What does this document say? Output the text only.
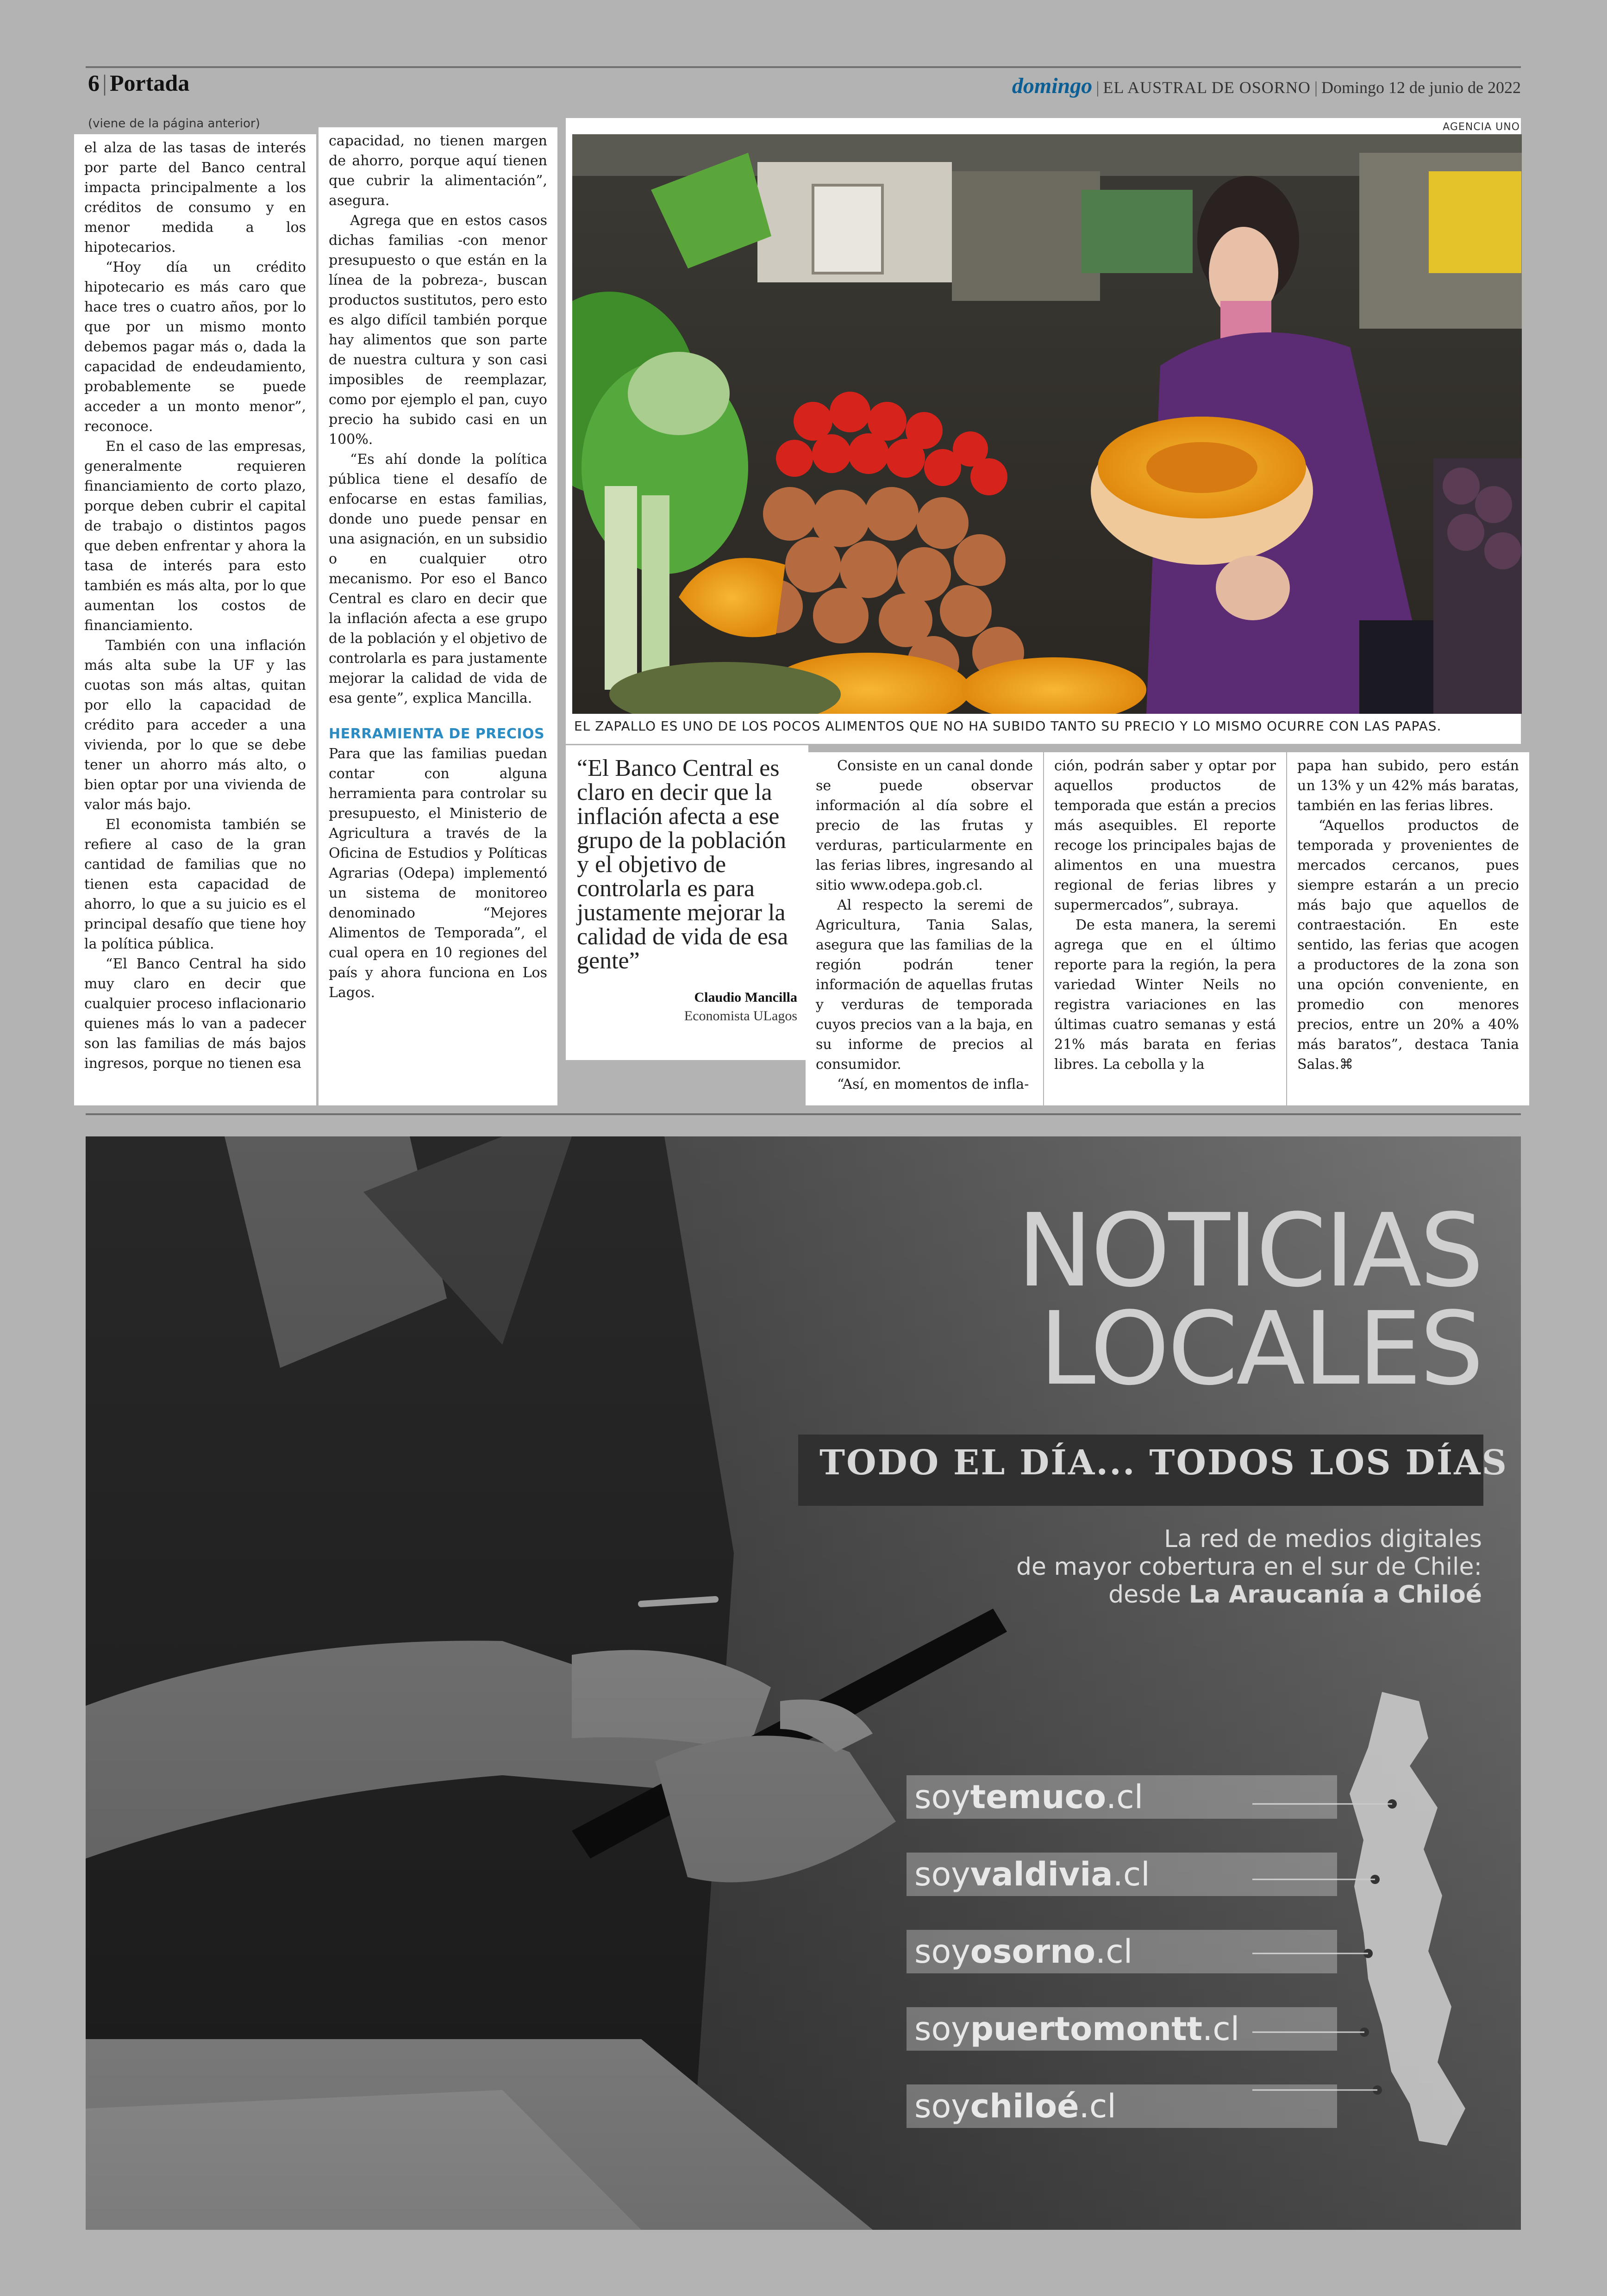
6 | Portada	domingo | EL AUSTRAL DE OSORNO | Domingo 12 de junio de 2022
(viene de la página anterior)

el alza de las tasas de interés por parte del Banco central impacta principalmente a los créditos de consumo y en menor medida a los hipotecarios.

“Hoy día un crédito hipotecario es más caro que hace tres o cuatro años, por lo que por un mismo monto debemos pagar más o, dada la capacidad de endeudamiento, probablemente se puede acceder a un monto menor”, reconoce.

En el caso de las empresas, generalmente requieren financiamiento de corto plazo, porque deben cubrir el capital de trabajo o distintos pagos que deben enfrentar y ahora la tasa de interés para esto también es más alta, por lo que aumentan los costos de financiamiento.

También con una inflación más alta sube la UF y las cuotas son más altas, quitan por ello la capacidad de crédito para acceder a una vivienda, por lo que se debe tener un ahorro más alto, o bien optar por una vivienda de valor más bajo.

El economista también se refiere al caso de la gran cantidad de familias que no tienen esta capacidad de ahorro, lo que a su juicio es el principal desafío que tiene hoy la política pública.

“El Banco Central ha sido muy claro en decir que cualquier proceso inflacionario quienes más lo van a padecer son las familias de más bajos ingresos, porque no tienen esa

capacidad, no tienen margen de ahorro, porque aquí tienen que cubrir la alimentación”, asegura.

Agrega que en estos casos dichas familias -con menor presupuesto o que están en la línea de la pobreza-, buscan productos sustitutos, pero esto es algo difícil también porque hay alimentos que son parte de nuestra cultura y son casi imposibles de reemplazar, como por ejemplo el pan, cuyo precio ha subido casi en un 100%.

“Es ahí donde la política pública tiene el desafío de enfocarse en estas familias, donde uno puede pensar en una asignación, en un subsidio o en cualquier otro mecanismo. Por eso el Banco Central es claro en decir que la inflación afecta a ese grupo de la población y el objetivo de controlarla es para justamente mejorar la calidad de vida de esa gente”, explica Mancilla.

HERRAMIENTA DE PRECIOS

Para que las familias puedan contar con alguna herramienta para controlar su presupuesto, el Ministerio de Agricultura a través de la Oficina de Estudios y Políticas Agrarias (Odepa) implementó un sistema de monitoreo denominado “Mejores Alimentos de Temporada”, el cual opera en 10 regiones del país y ahora funciona en Los Lagos.

AGENCIA UNO
EL ZAPALLO ES UNO DE LOS POCOS ALIMENTOS QUE NO HA SUBIDO TANTO SU PRECIO Y LO MISMO OCURRE CON LAS PAPAS.

“El Banco Central es claro en decir que la inflación afecta a ese grupo de la población y el objetivo de controlarla es para justamente mejorar la calidad de vida de esa gente”

Claudio Mancilla
Economista ULagos

Consiste en un canal donde se puede observar información al día sobre el precio de las frutas y verduras, particularmente en las ferias libres, ingresando al sitio www.odepa.gob.cl.

Al respecto la seremi de Agricultura, Tania Salas, asegura que las familias de la región podrán tener información de aquellas frutas y verduras de temporada cuyos precios van a la baja, en su informe de precios al consumidor.

“Así, en momentos de infla-

ción, podrán saber y optar por aquellos productos de temporada que están a precios más asequibles. El reporte recoge los principales bajas de alimentos en una muestra regional de ferias libres y supermercados”, subraya.

De esta manera, la seremi agrega que en el último reporte para la región, la pera variedad Winter Neils no registra variaciones en las últimas cuatro semanas y está 21% más barata en ferias libres. La cebolla y la

papa han subido, pero están un 13% y un 42% más baratas, también en las ferias libres.

“Aquellos productos de temporada y provenientes de mercados cercanos, pues siempre estarán a un precio más bajo que aquellos de contraestación. En este sentido, las ferias que acogen a productores de la zona son una opción conveniente, en promedio con menores precios, entre un 20% a 40% más baratos”, destaca Tania Salas.⌘

NOTICIAS
LOCALES
TODO EL DÍA... TODOS LOS DÍAS
La red de medios digitales
de mayor cobertura en el sur de Chile:
desde La Araucanía a Chiloé
soytemuco.cl
soyvaldivia.cl
soyosorno.cl
soypuertomontt.cl
soychiloé.cl
